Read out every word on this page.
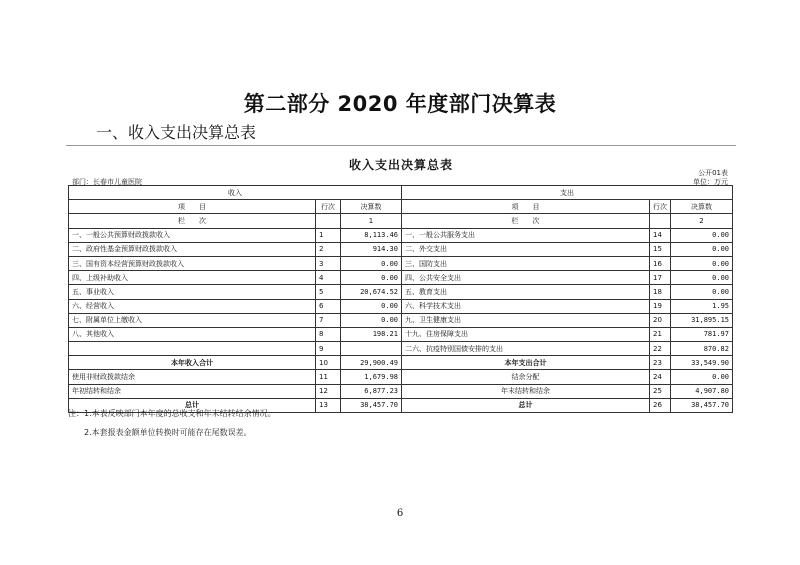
第二部分 2020 年度部门决算表
一、收入支出决算总表
收入支出决算总表
公开01表
部门：长春市儿童医院	单位：万元
收入			支出		
项　　目	行次	决算数	项　　目	行次	决算数
栏　　次		1	栏　　次		2
一、一般公共预算财政拨款收入	1	8,113.46	一、一般公共服务支出	14	0.00
二、政府性基金预算财政拨款收入	2	914.30	二、外交支出	15	0.00
三、国有资本经营预算财政拨款收入	3	0.00	三、国防支出	16	0.00
四、上级补助收入	4	0.00	四、公共安全支出	17	0.00
五、事业收入	5	20,674.52	五、教育支出	18	0.00
六、经营收入	6	0.00	六、科学技术支出	19	1.95
七、附属单位上缴收入	7	0.00	九、卫生健康支出	20	31,895.15
八、其他收入	8	198.21	十九、住房保障支出	21	781.97
	9		二六、抗疫特别国债安排的支出	22	870.82
本年收入合计	10	29,900.49	本年支出合计	23	33,549.90
使用非财政拨款结余	11	1,679.98	结余分配	24	0.00
年初结转和结余	12	6,877.23	年末结转和结余	25	4,907.80
总计	13	38,457.70	总计	26	38,457.70
注：1.本表反映部门本年度的总收支和年末结转结余情况。
　　2.本套报表金额单位转换时可能存在尾数误差。
6
